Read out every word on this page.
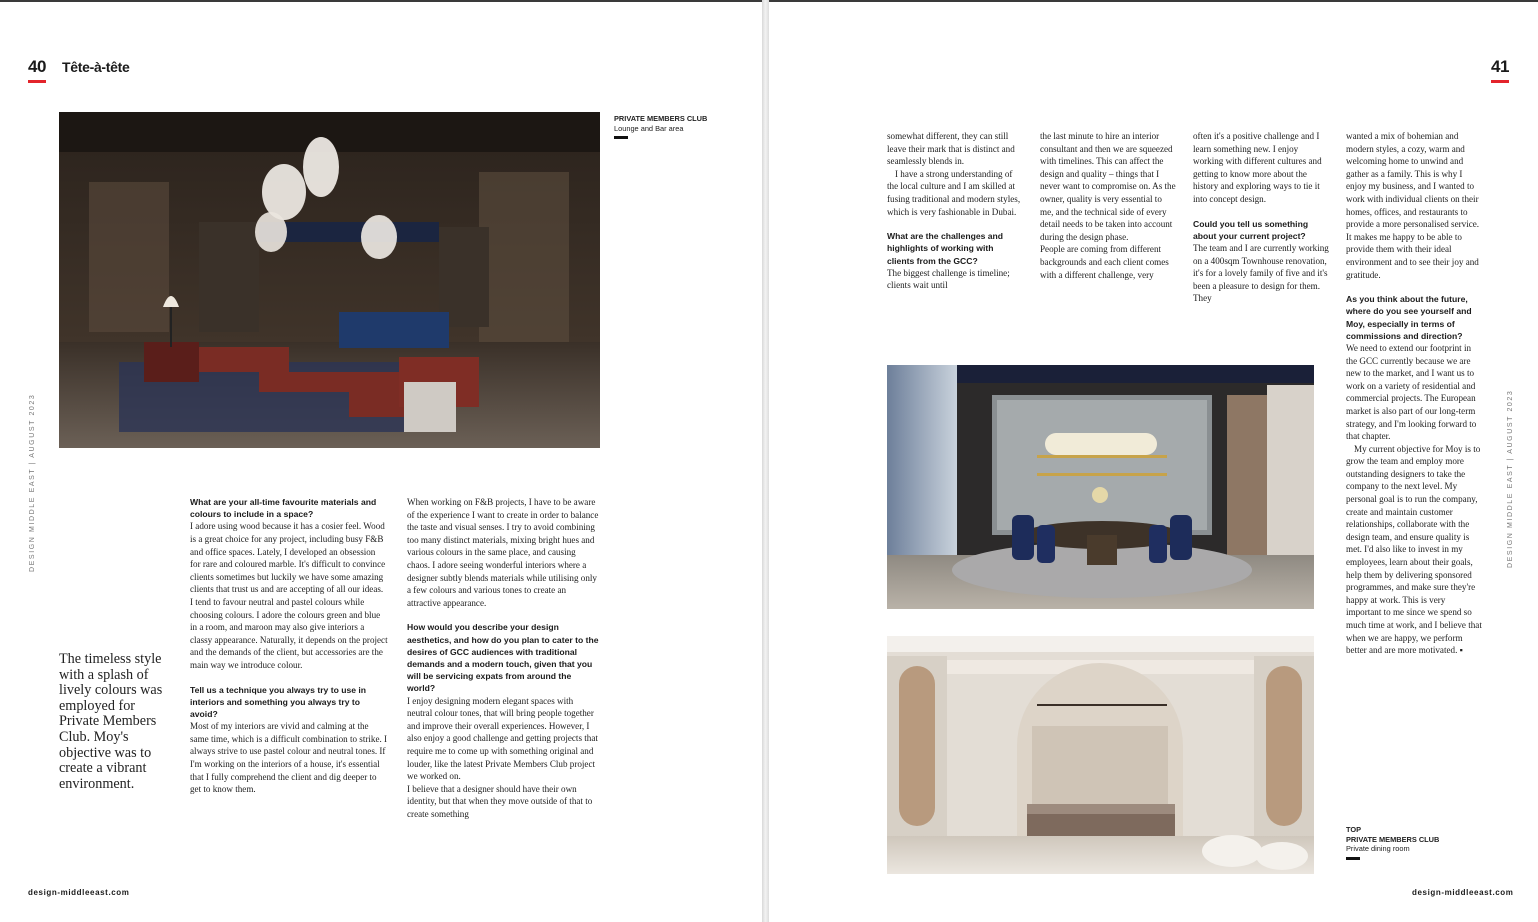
40 Tête-à-tête
DESIGN MIDDLE EAST | AUGUST 2023
PRIVATE MEMBERS CLUB
Lounge and Bar area
The timeless style with a splash of lively colours was employed for Private Members Club. Moy's objective was to create a vibrant environment.

What are your all-time favourite materials and colours to include in a space?

I adore using wood because it has a cosier feel. Wood is a great choice for any project, including busy F&B and office spaces. Lately, I developed an obsession for rare and coloured marble. It's difficult to convince clients sometimes but luckily we have some amazing clients that trust us and are accepting of all our ideas. I tend to favour neutral and pastel colours while choosing colours. I adore the colours green and blue in a room, and maroon may also give interiors a classy appearance. Naturally, it depends on the project and the demands of the client, but accessories are the main way we introduce colour.

Tell us a technique you always try to use in interiors and something you always try to avoid?

Most of my interiors are vivid and calming at the same time, which is a difficult combination to strike. I always strive to use pastel colour and neutral tones. If I'm working on the interiors of a house, it's essential that I fully comprehend the client and dig deeper to get to know them.

When working on F&B projects, I have to be aware of the experience I want to create in order to balance the taste and visual senses. I try to avoid combining too many distinct materials, mixing bright hues and various colours in the same place, and causing chaos. I adore seeing wonderful interiors where a designer subtly blends materials while utilising only a few colours and various tones to create an attractive appearance.

How would you describe your design aesthetics, and how do you plan to cater to the desires of GCC audiences with traditional demands and a modern touch, given that you will be servicing expats from around the world?

I enjoy designing modern elegant spaces with neutral colour tones, that will bring people together and improve their overall experiences. However, I also enjoy a good challenge and getting projects that require me to come up with something original and louder, like the latest Private Members Club project we worked on.

I believe that a designer should have their own identity, but that when they move outside of that to create something

design-middleeast.com
41
DESIGN MIDDLE EAST | AUGUST 2023

somewhat different, they can still leave their mark that is distinct and seamlessly blends in.

I have a strong understanding of the local culture and I am skilled at fusing traditional and modern styles, which is very fashionable in Dubai.

What are the challenges and highlights of working with clients from the GCC?

The biggest challenge is timeline; clients wait until

the last minute to hire an interior consultant and then we are squeezed with timelines. This can affect the design and quality – things that I never want to compromise on. As the owner, quality is very essential to me, and the technical side of every detail needs to be taken into account during the design phase.

People are coming from different backgrounds and each client comes with a different challenge, very

often it's a positive challenge and I learn something new. I enjoy working with different cultures and getting to know more about the history and exploring ways to tie it into concept design.

Could you tell us something about your current project?

The team and I are currently working on a 400sqm Townhouse renovation, it's for a lovely family of five and it's been a pleasure to design for them. They

wanted a mix of bohemian and modern styles, a cozy, warm and welcoming home to unwind and gather as a family. This is why I enjoy my business, and I wanted to work with individual clients on their homes, offices, and restaurants to provide a more personalised service. It makes me happy to be able to provide them with their ideal environment and to see their joy and gratitude.

As you think about the future, where do you see yourself and Moy, especially in terms of commissions and direction?

We need to extend our footprint in the GCC currently because we are new to the market, and I want us to work on a variety of residential and commercial projects. The European market is also part of our long-term strategy, and I'm looking forward to that chapter.

My current objective for Moy is to grow the team and employ more outstanding designers to take the company to the next level. My personal goal is to run the company, create and maintain customer relationships, collaborate with the design team, and ensure quality is met. I'd also like to invest in my employees, learn about their goals, help them by delivering sponsored programmes, and make sure they're happy at work. This is very important to me since we spend so much time at work, and I believe that when we are happy, we perform better and are more motivated. ▪

TOP
PRIVATE MEMBERS CLUB
Private dining room
design-middleeast.com
